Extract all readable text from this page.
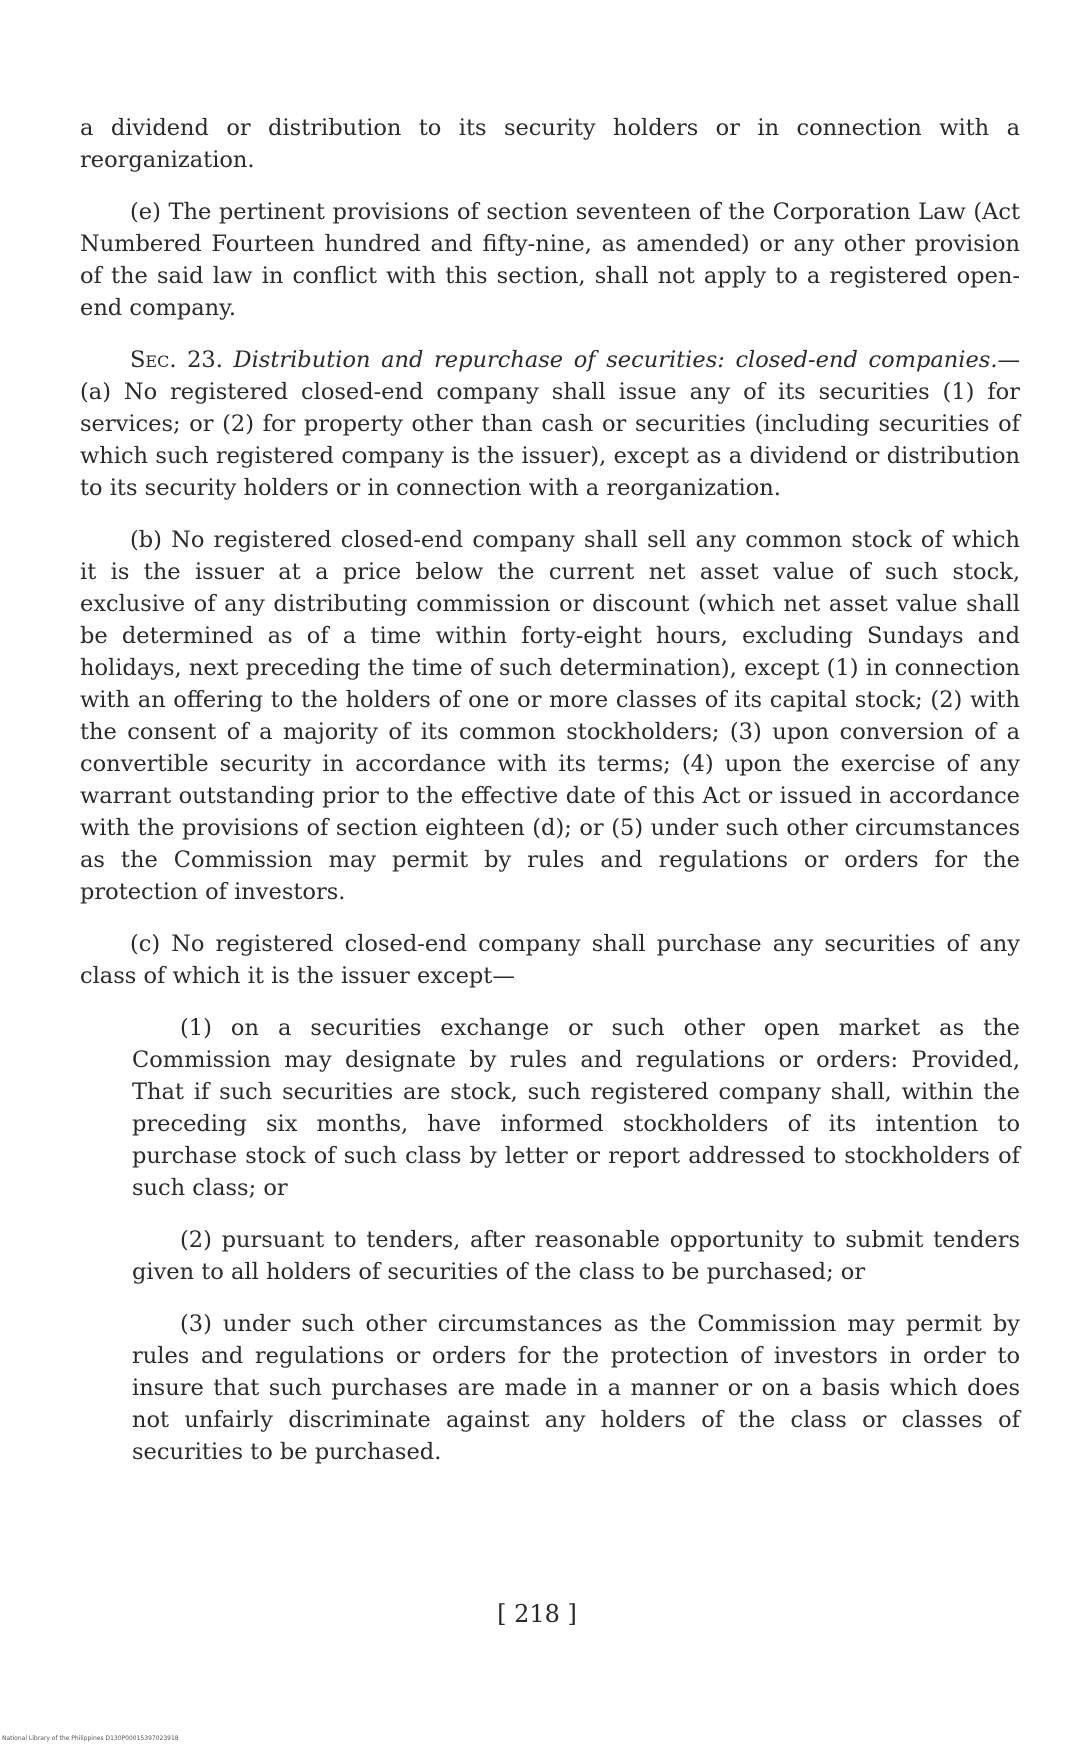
a dividend or distribution to its security holders or in connection with a reorganization.

(e) The pertinent provisions of section seventeen of the Corporation Law (Act Numbered Fourteen hundred and fifty-nine, as amended) or any other provision of the said law in conflict with this section, shall not apply to a registered open-end company.

Sec. 23. Distribution and repurchase of securities: closed-end companies.—(a) No registered closed-end company shall issue any of its securities (1) for services; or (2) for property other than cash or securities (including securities of which such registered company is the issuer), except as a dividend or distribution to its security holders or in connection with a reorganization.

(b) No registered closed-end company shall sell any common stock of which it is the issuer at a price below the current net asset value of such stock, exclusive of any distributing commission or discount (which net asset value shall be determined as of a time within forty-eight hours, excluding Sundays and holidays, next preceding the time of such determination), except (1) in connection with an offering to the holders of one or more classes of its capital stock; (2) with the consent of a majority of its common stockholders; (3) upon conversion of a convertible security in accordance with its terms; (4) upon the exercise of any warrant outstanding prior to the effective date of this Act or issued in accordance with the provisions of section eighteen (d); or (5) under such other circumstances as the Commission may permit by rules and regulations or orders for the protection of investors.

(c) No registered closed-end company shall purchase any securities of any class of which it is the issuer except—

(1) on a securities exchange or such other open market as the Commission may designate by rules and regulations or orders: Provided, That if such securities are stock, such registered company shall, within the preceding six months, have informed stockholders of its intention to purchase stock of such class by letter or report addressed to stockholders of such class; or

(2) pursuant to tenders, after reasonable opportunity to submit tenders given to all holders of securities of the class to be purchased; or

(3) under such other circumstances as the Commission may permit by rules and regulations or orders for the protection of investors in order to insure that such purchases are made in a manner or on a basis which does not unfairly discriminate against any holders of the class or classes of securities to be purchased.

[ 218 ]
National Library of the Philippines D130P00015397023918
